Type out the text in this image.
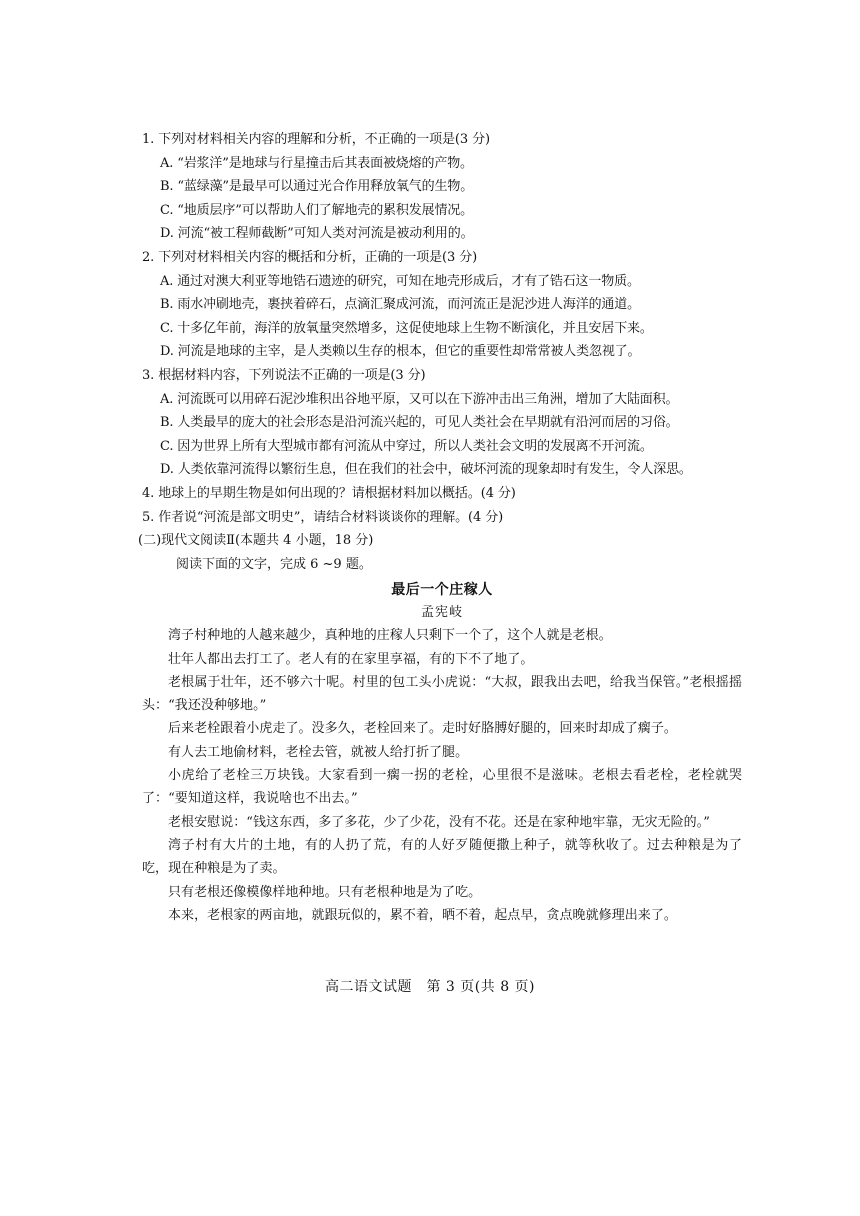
1. 下列对材料相关内容的理解和分析，不正确的一项是(3 分)
A. “岩浆洋”是地球与行星撞击后其表面被烧熔的产物。
B. “蓝绿藻”是最早可以通过光合作用释放氧气的生物。
C. “地质层序”可以帮助人们了解地壳的累积发展情况。
D. 河流“被工程师截断”可知人类对河流是被动利用的。
2. 下列对材料相关内容的概括和分析，正确的一项是(3 分)
A. 通过对澳大利亚等地锆石遗迹的研究，可知在地壳形成后，才有了锆石这一物质。
B. 雨水冲刷地壳，裹挟着碎石，点滴汇聚成河流，而河流正是泥沙进人海洋的通道。
C. 十多亿年前，海洋的放氧量突然增多，这促使地球上生物不断演化，并且安居下来。
D. 河流是地球的主宰，是人类赖以生存的根本，但它的重要性却常常被人类忽视了。
3. 根据材料内容，下列说法不正确的一项是(3 分)
A. 河流既可以用碎石泥沙堆积出谷地平原，又可以在下游冲击出三角洲，增加了大陆面积。
B. 人类最早的庞大的社会形态是沿河流兴起的，可见人类社会在早期就有沿河而居的习俗。
C. 因为世界上所有大型城市都有河流从中穿过，所以人类社会文明的发展离不开河流。
D. 人类依靠河流得以繁衍生息，但在我们的社会中，破坏河流的现象却时有发生，令人深思。
4. 地球上的早期生物是如何出现的？请根据材料加以概括。(4 分)
5. 作者说“河流是部文明史”，请结合材料谈谈你的理解。(4 分)
(二)现代文阅读Ⅱ(本题共 4 小题，18 分)
阅读下面的文字，完成 6 ~9 题。
最后一个庄稼人
孟宪岐
湾子村种地的人越来越少，真种地的庄稼人只剩下一个了，这个人就是老根。
壮年人都出去打工了。老人有的在家里享福，有的下不了地了。
老根属于壮年，还不够六十呢。村里的包工头小虎说：“大叔，跟我出去吧，给我当保管。”老根摇摇头：“我还没种够地。”
后来老栓跟着小虎走了。没多久，老栓回来了。走时好胳膊好腿的，回来时却成了瘸子。
有人去工地偷材料，老栓去管，就被人给打折了腿。
小虎给了老栓三万块钱。大家看到一瘸一拐的老栓，心里很不是滋味。老根去看老栓，老栓就哭了：“要知道这样，我说啥也不出去。”
老根安慰说：“钱这东西，多了多花，少了少花，没有不花。还是在家种地牢靠，无灾无险的。”
湾子村有大片的土地，有的人扔了荒，有的人好歹随便撒上种子，就等秋收了。过去种粮是为了吃，现在种粮是为了卖。
只有老根还像模像样地种地。只有老根种地是为了吃。
本来，老根家的两亩地，就跟玩似的，累不着，晒不着，起点早，贪点晚就修理出来了。
高二语文试题　第 3 页(共 8 页)
